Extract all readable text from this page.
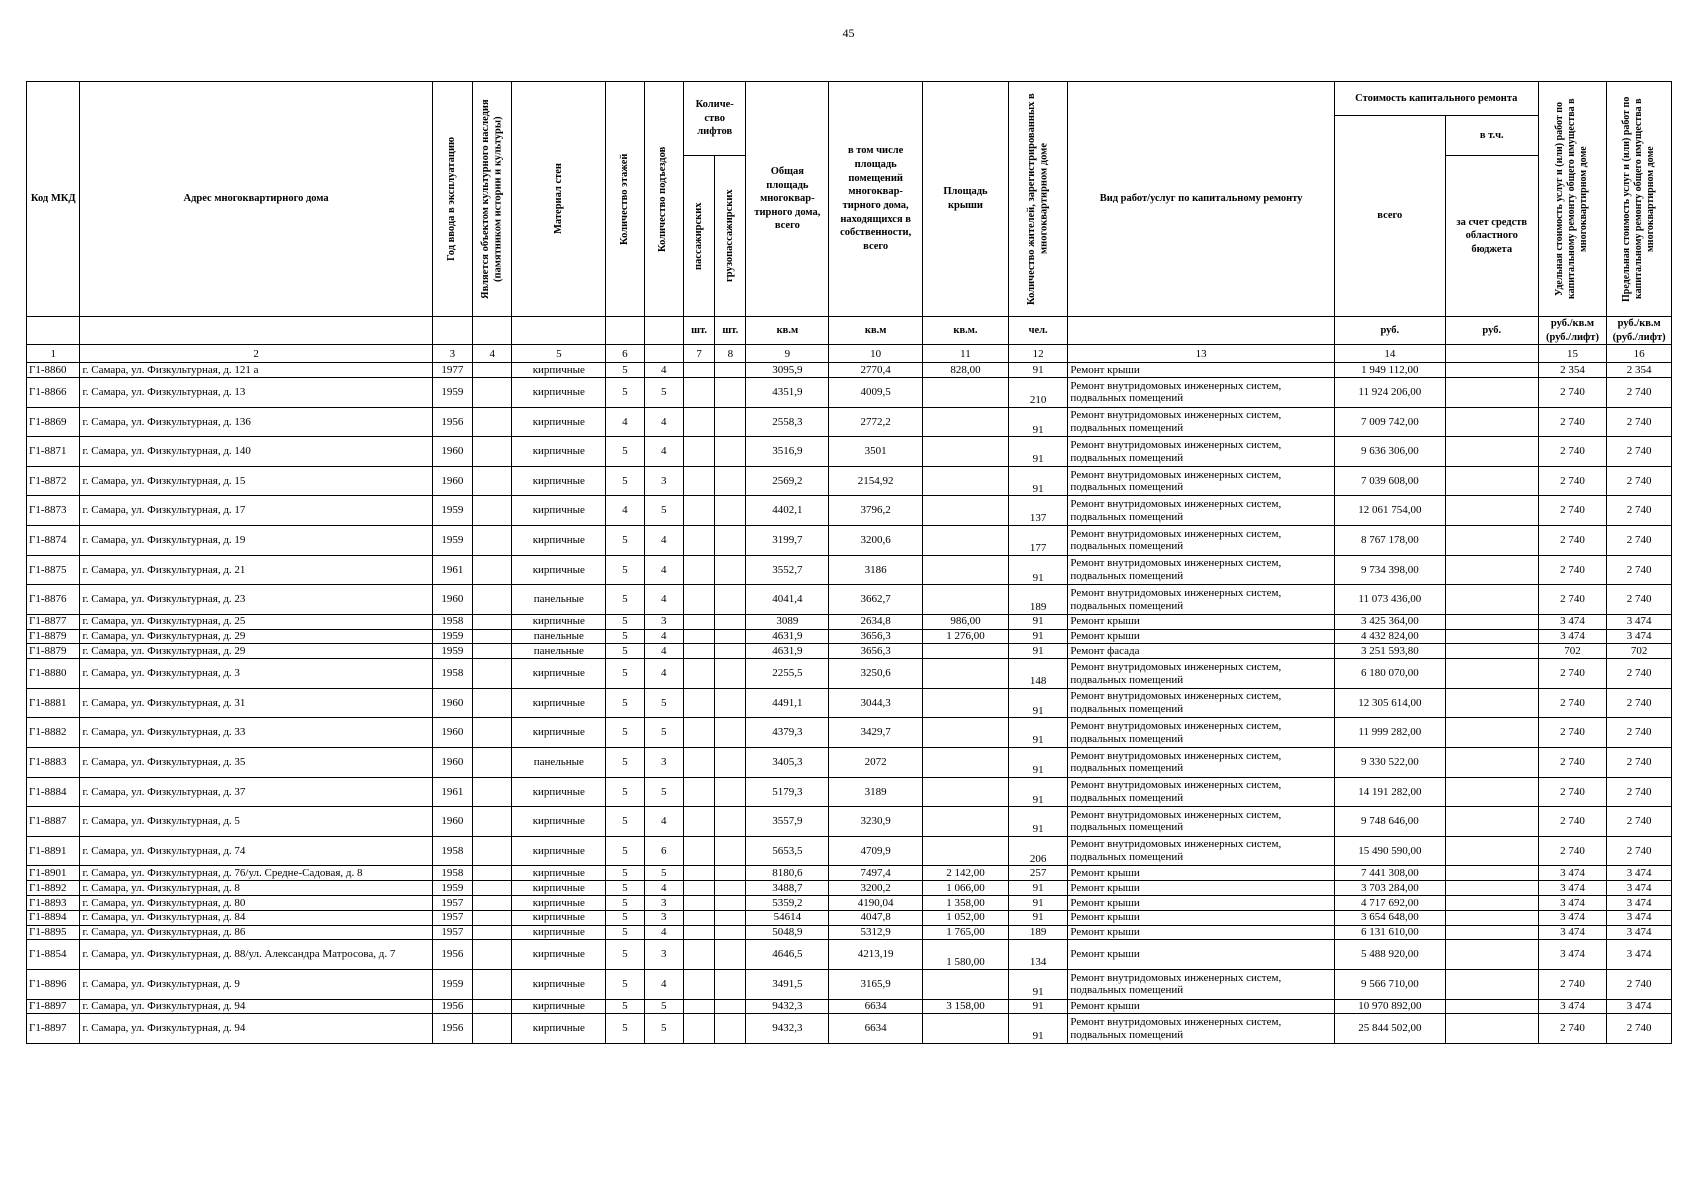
45
Код МКД	Адрес многоквартирного дома	Год ввода в эксплуатацию	Является объектом культурного наследия (памятником истории и культуры)	Материал стен	Количество этажей	Количество подъездов	Количе- ство лифтов		Общая площадь многоквар- тирного дома, всего	в том числе площадь помещений многоквар- тирного дома, находящихся в собственности, всего	Площадь крыши	Количество жителей, зарегистрированных в многоквартирном доме	Вид работ/услуг по капитальному ремонту	Стоимость капитального ремонта		Удельная стоимость услуг и (или) работ по капитальному ремонту общего имущества в многоквартирном доме	Предельная стоимость услуг и (или) работ по капитальному ремонту общего имущества в многоквартирном доме

														всего	в т.ч.		

							пассажирских	грузопассажирских							за счет средств областного бюджета		
							шт.	шт.	кв.м	кв.м	кв.м.	чел.		руб.	руб.	руб./кв.м (руб./лифт)	руб./кв.м (руб./лифт)
1	2	3	4	5	6		7	8	9	10	11	12	13	14		15	16
Г1-8860	г. Самара, ул. Физкультурная, д. 121 а	1977		кирпичные	5	4			3095,9	2770,4	828,00	91	Ремонт крыши	1 949 112,00		2 354	2 354
Г1-8866	г. Самара, ул. Физкультурная, д. 13	1959		кирпичные	5	5			4351,9	4009,5		210	Ремонт внутридомовых инженерных систем, подвальных помещений	11 924 206,00		2 740	2 740
Г1-8869	г. Самара, ул. Физкультурная, д. 136	1956		кирпичные	4	4			2558,3	2772,2		91	Ремонт внутридомовых инженерных систем, подвальных помещений	7 009 742,00		2 740	2 740
Г1-8871	г. Самара, ул. Физкультурная, д. 140	1960		кирпичные	5	4			3516,9	3501		91	Ремонт внутридомовых инженерных систем, подвальных помещений	9 636 306,00		2 740	2 740
Г1-8872	г. Самара, ул. Физкультурная, д. 15	1960		кирпичные	5	3			2569,2	2154,92		91	Ремонт внутридомовых инженерных систем, подвальных помещений	7 039 608,00		2 740	2 740
Г1-8873	г. Самара, ул. Физкультурная, д. 17	1959		кирпичные	4	5			4402,1	3796,2		137	Ремонт внутридомовых инженерных систем, подвальных помещений	12 061 754,00		2 740	2 740
Г1-8874	г. Самара, ул. Физкультурная, д. 19	1959		кирпичные	5	4			3199,7	3200,6		177	Ремонт внутридомовых инженерных систем, подвальных помещений	8 767 178,00		2 740	2 740
Г1-8875	г. Самара, ул. Физкультурная, д. 21	1961		кирпичные	5	4			3552,7	3186		91	Ремонт внутридомовых инженерных систем, подвальных помещений	9 734 398,00		2 740	2 740
Г1-8876	г. Самара, ул. Физкультурная, д. 23	1960		панельные	5	4			4041,4	3662,7		189	Ремонт внутридомовых инженерных систем, подвальных помещений	11 073 436,00		2 740	2 740
Г1-8877	г. Самара, ул. Физкультурная, д. 25	1958		кирпичные	5	3			3089	2634,8	986,00	91	Ремонт крыши	3 425 364,00		3 474	3 474
Г1-8879	г. Самара, ул. Физкультурная, д. 29	1959		панельные	5	4			4631,9	3656,3	1 276,00	91	Ремонт крыши	4 432 824,00		3 474	3 474
Г1-8879	г. Самара, ул. Физкультурная, д. 29	1959		панельные	5	4			4631,9	3656,3		91	Ремонт фасада	3 251 593,80		702	702
Г1-8880	г. Самара, ул. Физкультурная, д. 3	1958		кирпичные	5	4			2255,5	3250,6		148	Ремонт внутридомовых инженерных систем, подвальных помещений	6 180 070,00		2 740	2 740
Г1-8881	г. Самара, ул. Физкультурная, д. 31	1960		кирпичные	5	5			4491,1	3044,3		91	Ремонт внутридомовых инженерных систем, подвальных помещений	12 305 614,00		2 740	2 740
Г1-8882	г. Самара, ул. Физкультурная, д. 33	1960		кирпичные	5	5			4379,3	3429,7		91	Ремонт внутридомовых инженерных систем, подвальных помещений	11 999 282,00		2 740	2 740
Г1-8883	г. Самара, ул. Физкультурная, д. 35	1960		панельные	5	3			3405,3	2072		91	Ремонт внутридомовых инженерных систем, подвальных помещений	9 330 522,00		2 740	2 740
Г1-8884	г. Самара, ул. Физкультурная, д. 37	1961		кирпичные	5	5			5179,3	3189		91	Ремонт внутридомовых инженерных систем, подвальных помещений	14 191 282,00		2 740	2 740
Г1-8887	г. Самара, ул. Физкультурная, д. 5	1960		кирпичные	5	4			3557,9	3230,9		91	Ремонт внутридомовых инженерных систем, подвальных помещений	9 748 646,00		2 740	2 740
Г1-8891	г. Самара, ул. Физкультурная, д. 74	1958		кирпичные	5	6			5653,5	4709,9		206	Ремонт внутридомовых инженерных систем, подвальных помещений	15 490 590,00		2 740	2 740
Г1-8901	г. Самара, ул. Физкультурная, д. 76/ул. Средне-Садовая, д. 8	1958		кирпичные	5	5			8180,6	7497,4	2 142,00	257	Ремонт крыши	7 441 308,00		3 474	3 474
Г1-8892	г. Самара, ул. Физкультурная, д. 8	1959		кирпичные	5	4			3488,7	3200,2	1 066,00	91	Ремонт крыши	3 703 284,00		3 474	3 474
Г1-8893	г. Самара, ул. Физкультурная, д. 80	1957		кирпичные	5	3			5359,2	4190,04	1 358,00	91	Ремонт крыши	4 717 692,00		3 474	3 474
Г1-8894	г. Самара, ул. Физкультурная, д. 84	1957		кирпичные	5	3			54614	4047,8	1 052,00	91	Ремонт крыши	3 654 648,00		3 474	3 474
Г1-8895	г. Самара, ул. Физкультурная, д. 86	1957		кирпичные	5	4			5048,9	5312,9	1 765,00	189	Ремонт крыши	6 131 610,00		3 474	3 474
Г1-8854	г. Самара, ул. Физкультурная, д. 88/ул. Александра Матросова, д. 7	1956		кирпичные	5	3			4646,5	4213,19	1 580,00	134	Ремонт крыши	5 488 920,00		3 474	3 474
Г1-8896	г. Самара, ул. Физкультурная, д. 9	1959		кирпичные	5	4			3491,5	3165,9		91	Ремонт внутридомовых инженерных систем, подвальных помещений	9 566 710,00		2 740	2 740
Г1-8897	г. Самара, ул. Физкультурная, д. 94	1956		кирпичные	5	5			9432,3	6634	3 158,00	91	Ремонт крыши	10 970 892,00		3 474	3 474
Г1-8897	г. Самара, ул. Физкультурная, д. 94	1956		кирпичные	5	5			9432,3	6634		91	Ремонт внутридомовых инженерных систем, подвальных помещений	25 844 502,00		2 740	2 740
